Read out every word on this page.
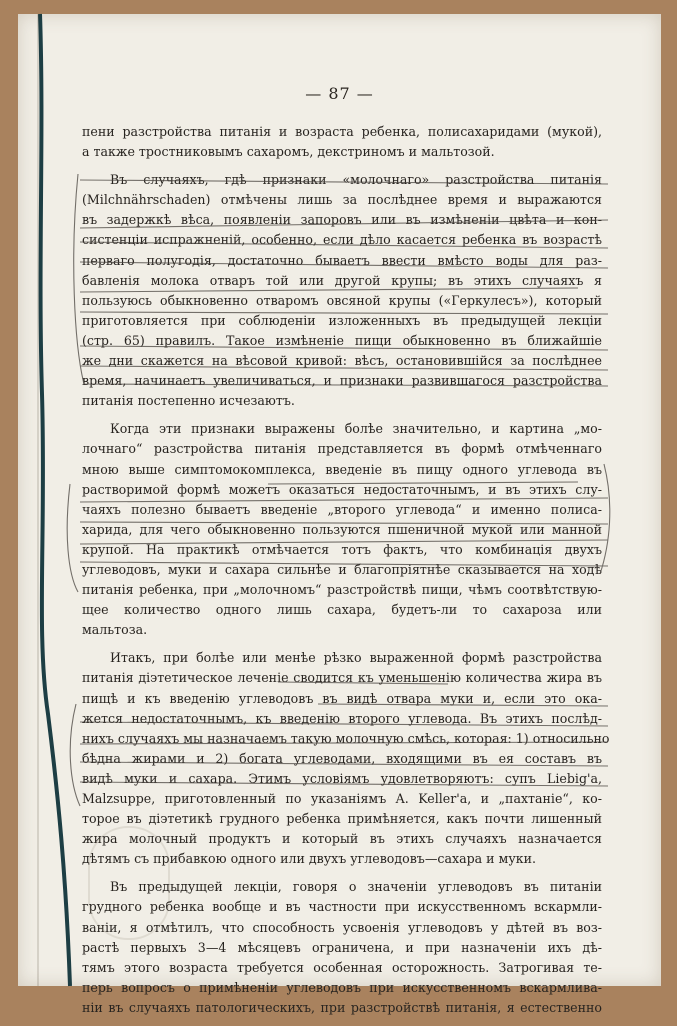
— 87 —
пени разстройства питанія и возраста ребенка, полисахаридами (мукой),
а также тростниковымъ сахаромъ, декстриномъ и мальтозой.
Въ случаяхъ, гдѣ признаки «молочнаго» разстройства питанія
(Milchnährschaden) отмѣчены лишь за послѣднее время и выражаются
въ задержкѣ вѣса, появленіи запоровъ или въ измѣненіи цвѣта и кон-
систенціи испражненій, особенно, если дѣло касается ребенка въ возрастѣ
перваго полугодія, достаточно бываетъ ввести вмѣсто воды для раз-
бавленія молока отваръ той или другой крупы; въ этихъ случаяхъ я
пользуюсь обыкновенно отваромъ овсяной крупы («Геркулесъ»), который
приготовляется при соблюденіи изложенныхъ въ предыдущей лекціи
(стр. 65) правилъ. Такое измѣненіе пищи обыкновенно въ ближайшіе
же дни скажется на вѣсовой кривой: вѣсъ, остановившійся за послѣднее
время, начинаетъ увеличиваться, и признаки развившагося разстройства
питанія постепенно исчезаютъ.
Когда эти признаки выражены болѣе значительно, и картина „мо-
лочнаго“ разстройства питанія представляется въ формѣ отмѣченнаго
мною выше симптомокомплекса, введеніе въ пищу одного углевода въ
растворимой формѣ можетъ оказаться недостаточнымъ, и въ этихъ слу-
чаяхъ полезно бываетъ введеніе „второго углевода“ и именно полиса-
харида, для чего обыкновенно пользуются пшеничной мукой или манной
крупой. На практикѣ отмѣчается тотъ фактъ, что комбинація двухъ
углеводовъ, муки и сахара сильнѣе и благопріятнѣе сказывается на ходѣ
питанія ребенка, при „молочномъ“ разстройствѣ пищи, чѣмъ соотвѣтствую-
щее количество одного лишь сахара, будетъ-ли то сахароза или
мальтоза.
Итакъ, при болѣе или менѣе рѣзко выраженной формѣ разстройства
питанія діэтетическое леченіе сводится къ уменьшенію количества жира въ
пищѣ и къ введенію углеводовъ въ видѣ отвара муки и, если это ока-
жется недостаточнымъ, къ введенію второго углевода. Въ этихъ послѣд-
нихъ случаяхъ мы назначаемъ такую молочную смѣсь, которая: 1) относильно
бѣдна жирами и 2) богата углеводами, входящими въ ея составъ въ
видѣ муки и сахара. Этимъ условіямъ удовлетворяютъ: супъ Liebig'a,
Malzsuppe, приготовленный по указаніямъ A. Keller'a, и „пахтаніе“, ко-
торое въ діэтетикѣ грудного ребенка примѣняется, какъ почти лишенный
жира молочный продуктъ и который въ этихъ случаяхъ назначается
дѣтямъ съ прибавкою одного или двухъ углеводовъ—сахара и муки.
Въ предыдущей лекціи, говоря о значеніи углеводовъ въ питаніи
грудного ребенка вообще и въ частности при искусственномъ вскармли-
ваніи, я отмѣтилъ, что способность усвоенія углеводовъ у дѣтей въ воз-
растѣ первыхъ 3—4 мѣсяцевъ ограничена, и при назначеніи ихъ дѣ-
тямъ этого возраста требуется особенная осторожность. Затрогивая те-
перь вопросъ о примѣненіи углеводовъ при искусственномъ вскармлива-
ніи въ случаяхъ патологическихъ, при разстройствѣ питанія, я естественно
